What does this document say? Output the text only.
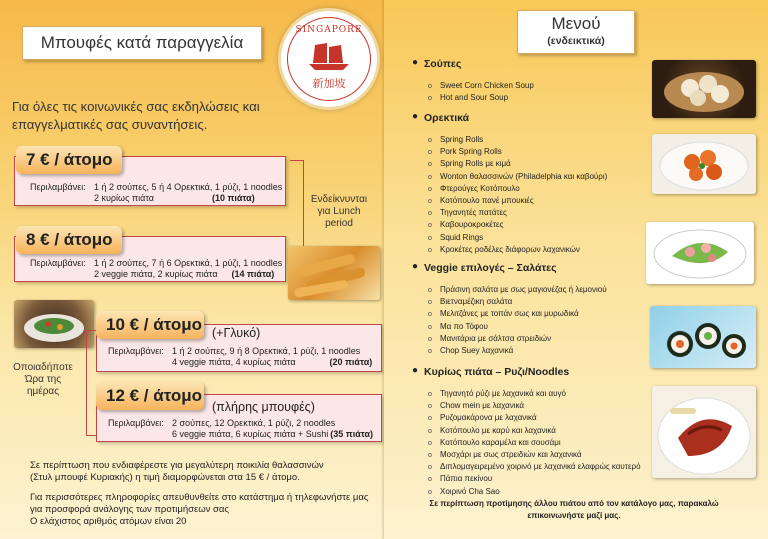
Μπουφές κατά παραγγελία
SINGAPORE
新加坡
Για όλες τις κοινωνικές σας εκδηλώσεις και
επαγγελματικές σας συναντήσεις.
7 € / άτομο
Περιλαμβάνει: 1 ή 2 σούπες, 5 ή 4 Ορεκτικά, 1 ρύζι, 1 noodles
2 κυρίως πιάτα	(10 πιάτα)
8 € / άτομο
Περιλαμβάνει: 1 ή 2 σούπες, 7 ή 6 Ορεκτικά, 1 ρύζι, 1 noodles
2 veggie πιάτα, 2 κυρίως πιάτα (14 πιάτα)
Ενδείκνυνται
για Lunch
period
10 € / άτομο (+Γλυκό)
Περιλαμβάνει: 1 ή 2 σούπες, 9 ή 8 Ορεκτικά, 1 ρύζι, 1 noodles
4 veggie πιάτα, 4 κυρίως πιάτα	(20 πιάτα)
12 € / άτομο
(πλήρης μπουφές)
Περιλαμβάνει: 2 σούπες, 12 Ορεκτικά, 1 ρύζι, 2 noodles
6 veggie πιάτα, 6 κυρίως πιάτα + Sushi (35 πιάτα)
Οποιαδήποτε
Ώρα της
ημέρας
Σε περίπτωση που ενδιαφέρεστε για μεγαλύτερη ποικιλία θαλασσινών
(Στυλ μπουφέ Κυριακής) η τιμή διαμορφώνεται στα 15 € / άτομο.
Για περισσότερες πληροφορίες απευθυνθείτε στο κατάστημα ή τηλεφωνήστε μας
για προσφορά ανάλογης των προτιμήσεων σας
Ο ελάχιστος αριθμός ατόμων είναι 20
Μενού
(ενδεικτικά)
● Σούπες
o Sweet Corn Chicken Soup
o Hot and Sour Soup
● Ορεκτικά
o Spring Rolls
o Pork Spring Rolls
o Spring Rolls με κιμά
o Wonton θαλασσινών (Philadelphia και καβούρι)
o Φτερούγες Κοτόπουλο
o Κοτόπουλο πανέ μπουκιές
o Τηγανητές πατάτες
o Καβουροκροκέτες
o Squid Rings
o Κροκέτες ροδέλες διάφορων λαχανικών
● Veggie επιλογές – Σαλάτες
o Πράσινη σαλάτα με σως μαγιονέζας ή λεμονιού
o Βιετναμέζικη σαλάτα
o Μελιτζάνες με τοπάν σως και μυρωδικά
o Μα πο Τόφου
o Μανιτάρια με σάλτσα στρειδιών
o Chop Suey λαχανικά
● Κυρίως πιάτα – Ρυζι/Noodles
o Τηγανητό ρύζι με λαχανικά και αυγό
o Chow mein με λαχανικά
o Ρυζομακάρονα με λαχανικά
o Κοτόπουλο με καρύ και λαχανικά
o Κοτόπουλο καραμέλα και σουσάμι
o Μοσχάρι με σως στρειδιών και λαχανικά
o Διπλομαγειρεμένο χοιρινό με λαχανικά ελαφρώς καυτερό
o Πάπια πεκίνου
o Χοιρινό Cha Sao
Σε περίπτωση προτίμησης άλλου πιάτου από τον κατάλογο μας, παρακαλώ
επικοινωνήστε μαζί μας.
